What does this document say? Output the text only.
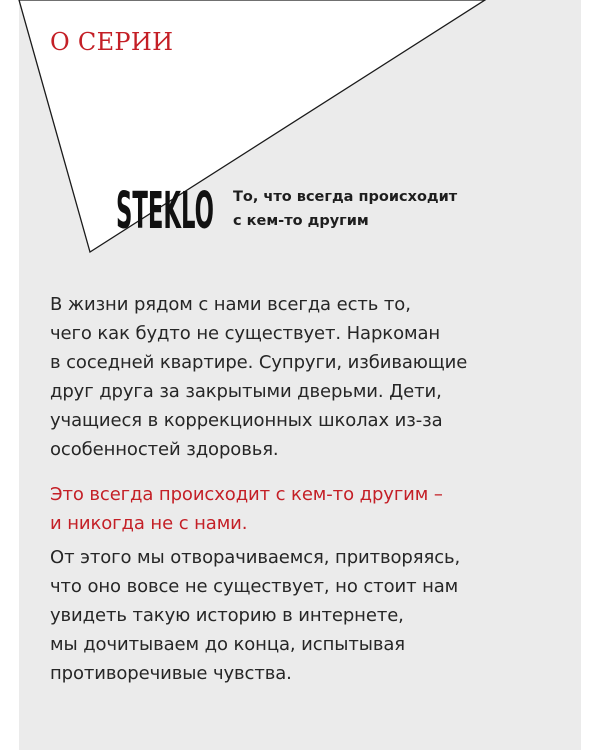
О СЕРИИ
STEKLO То, что всегда происходит
с кем-то другим

В жизни рядом с нами всегда есть то,
чего как будто не существует. Наркоман
в соседней квартире. Супруги, избивающие
друг друга за закрытыми дверьми. Дети,
учащиеся в коррекционных школах из-за
особенностей здоровья.

Это всегда происходит с кем-то другим –
и никогда не с нами.

От этого мы отворачиваемся, притворяясь,
что оно вовсе не существует, но стоит нам
увидеть такую историю в интернете,
мы дочитываем до конца, испытывая
противоречивые чувства.
